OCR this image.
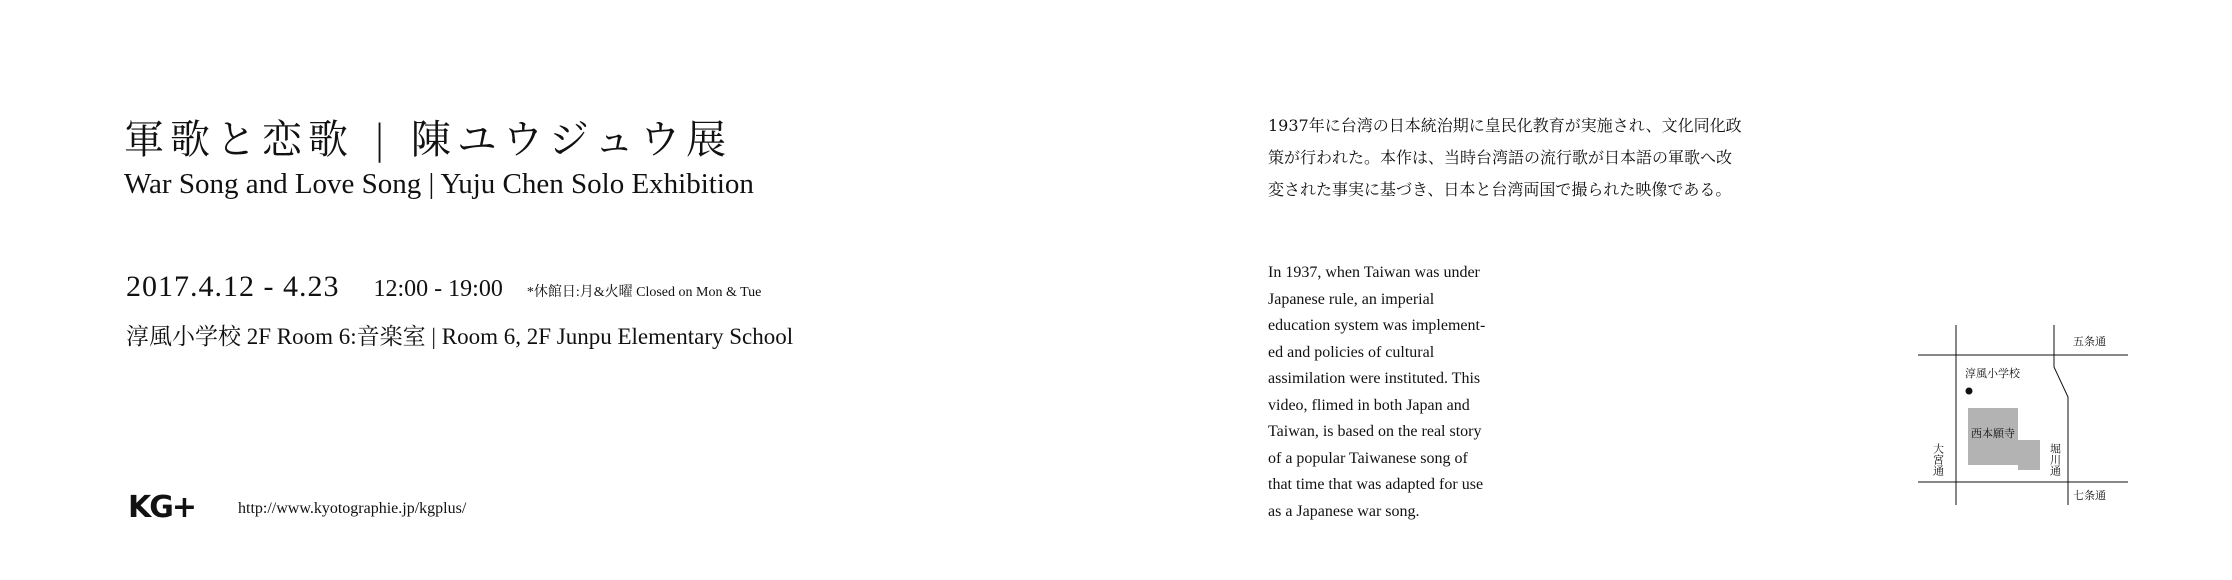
軍歌と恋歌 | 陳ユウジュウ展
War Song and Love Song | Yuju Chen Solo Exhibition
2017.4.12 - 4.23 12:00 - 19:00 *休館日:月&火曜 Closed on Mon & Tue
淳風小学校 2F Room 6:音楽室 | Room 6, 2F Junpu Elementary School
KG+	http://www.kyotographie.jp/kgplus/
1937年に台湾の日本統治期に皇民化教育が実施され、文化同化政
策が行われた。本作は、当時台湾語の流行歌が日本語の軍歌へ改
変された事実に基づき、日本と台湾両国で撮られた映像である。
In 1937, when Taiwan was under
Japanese rule, an imperial
education system was implement-
ed and policies of cultural
assimilation were instituted. This
video, flimed in both Japan and
Taiwan, is based on the real story
of a popular Taiwanese song of
that time that was adapted for use
as a Japanese war song.
淳風小学校
西本願寺
五条通
七条通
大宮通	堀川通
